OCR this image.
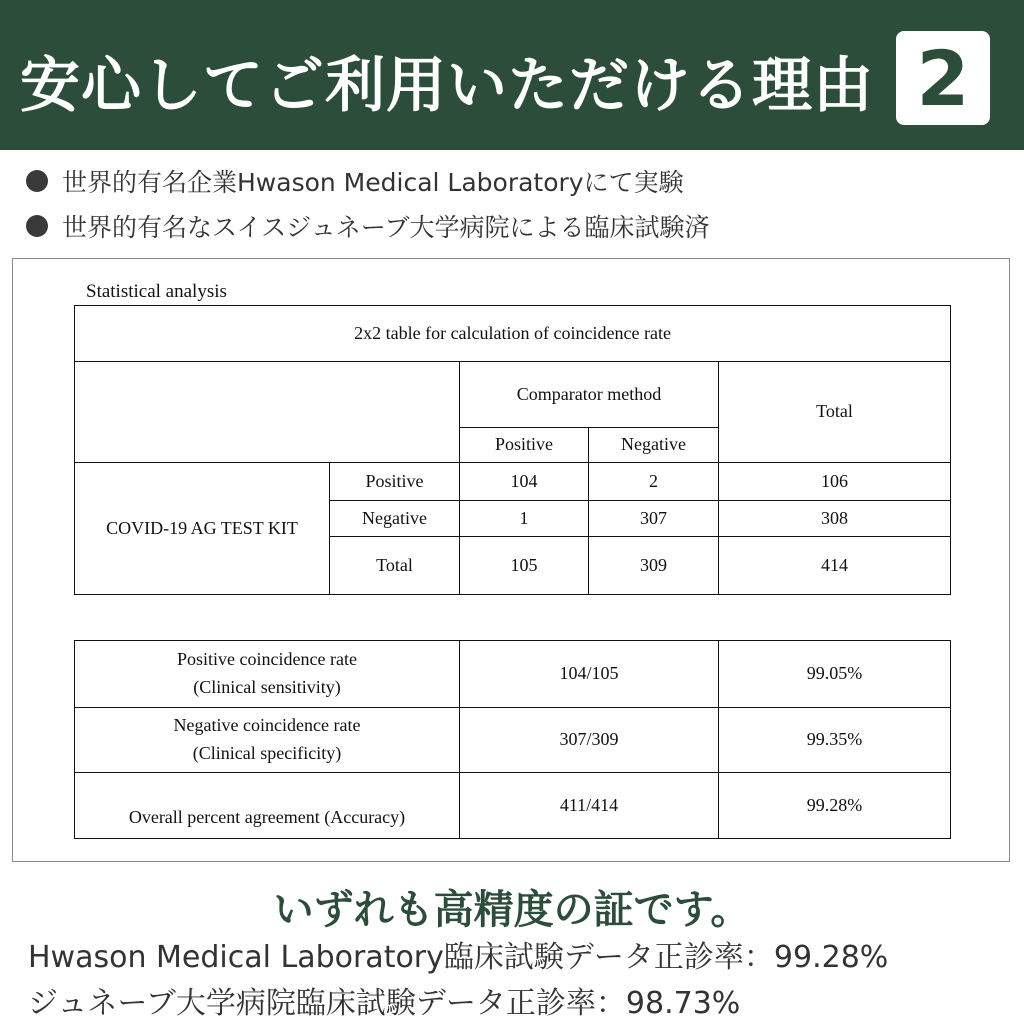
安心してご利用いただける理由 2
世界的有名企業Hwason Medical Laboratoryにて実験
世界的有名なスイスジュネーブ大学病院による臨床試験済
Statistical analysis
2x2 table for calculation of coincidence rate				
		Comparator method		Total
		Positive	Negative	
COVID-19 AG TEST KIT	Positive	104	2	106
	Negative	1	307	308
	Total	105	309	414
Positive coincidence rate
(Clinical sensitivity)	104/105	99.05%
Negative coincidence rate
(Clinical specificity)	307/309	99.35%
Overall percent agreement (Accuracy)	411/414	99.28%
いずれも高精度の証です。
Hwason Medical Laboratory臨床試験データ正診率：99.28%
ジュネーブ大学病院臨床試験データ正診率：98.73%
